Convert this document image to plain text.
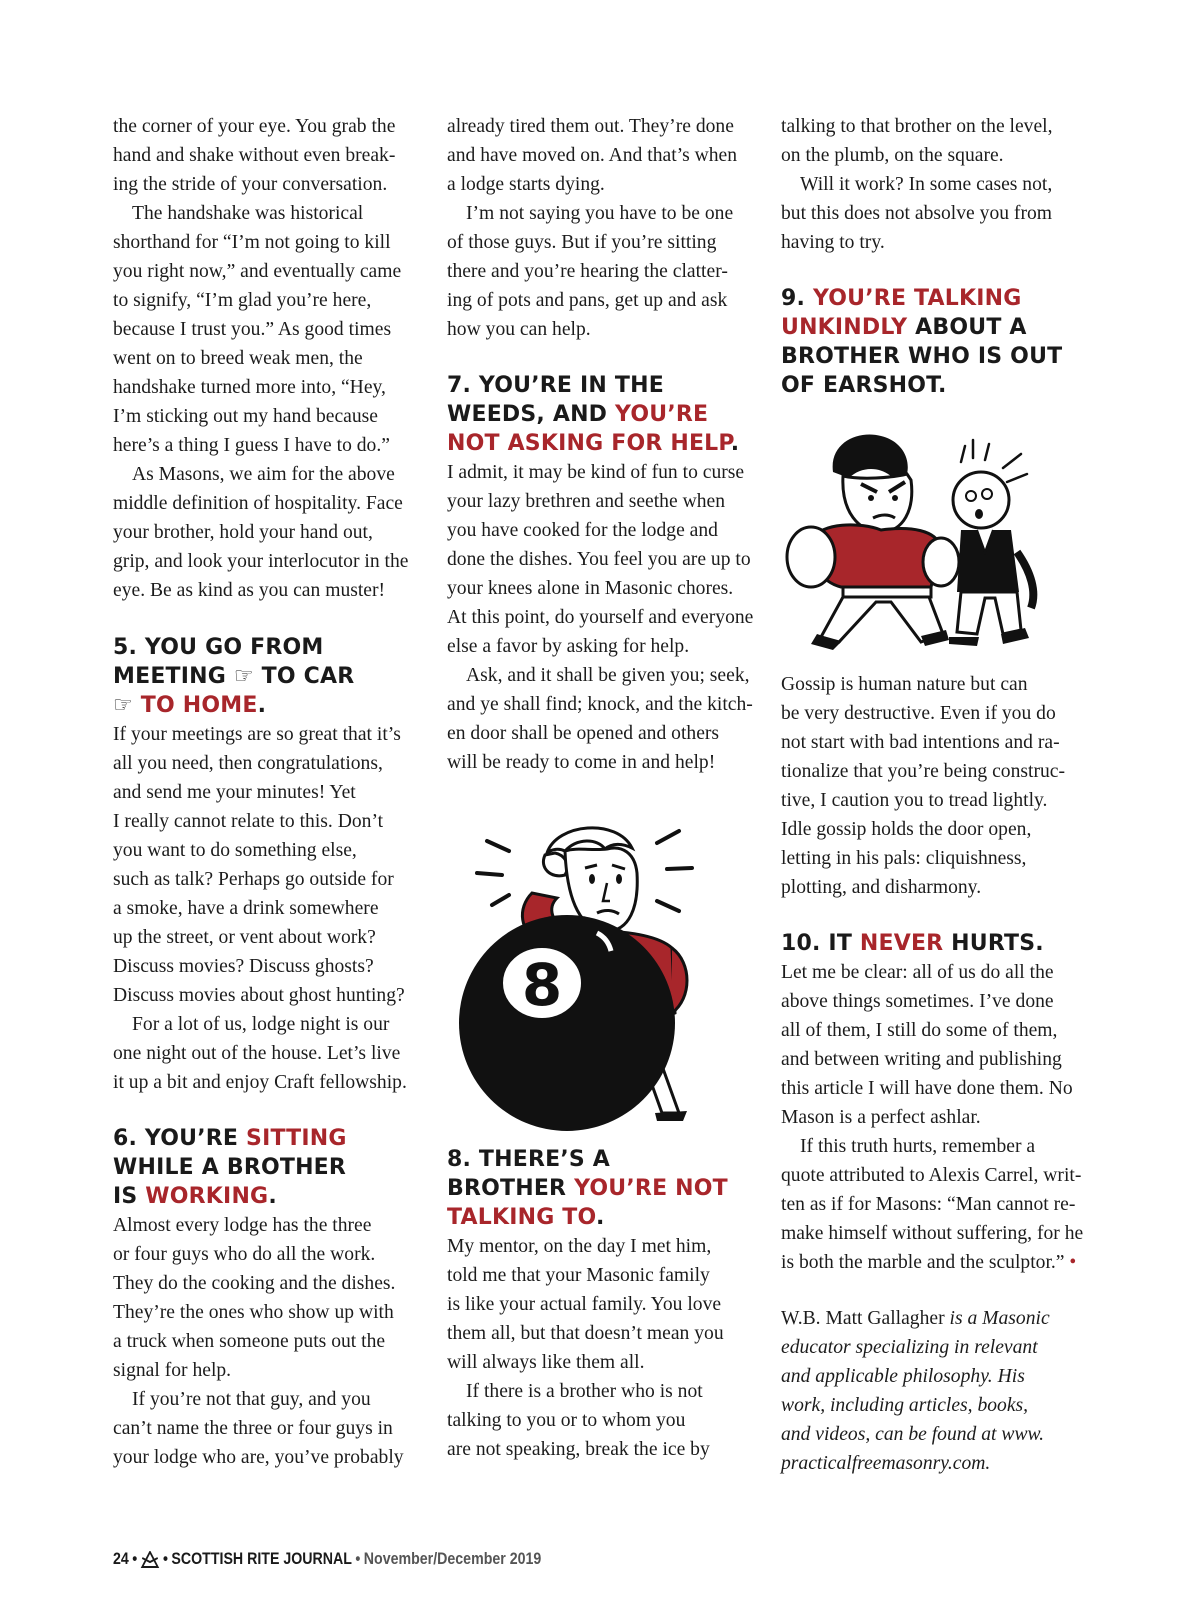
the corner of your eye. You grab the
hand and shake without even break-
ing the stride of your conversation.
The handshake was historical
shorthand for “I’m not going to kill
you right now,” and eventually came
to signify, “I’m glad you’re here,
because I trust you.” As good times
went on to breed weak men, the
handshake turned more into, “Hey,
I’m sticking out my hand because
here’s a thing I guess I have to do.”
As Masons, we aim for the above
middle definition of hospitality. Face
your brother, hold your hand out,
grip, and look your interlocutor in the
eye. Be as kind as you can muster!
5. YOU GO FROM
MEETING ☞ TO CAR
☞ TO HOME.
If your meetings are so great that it’s
all you need, then congratulations,
and send me your minutes! Yet
I really cannot relate to this. Don’t
you want to do something else,
such as talk? Perhaps go outside for
a smoke, have a drink somewhere
up the street, or vent about work?
Discuss movies? Discuss ghosts?
Discuss movies about ghost hunting?
For a lot of us, lodge night is our
one night out of the house. Let’s live
it up a bit and enjoy Craft fellowship.
6. YOU’RE SITTING
WHILE A BROTHER
IS WORKING.
Almost every lodge has the three
or four guys who do all the work.
They do the cooking and the dishes.
They’re the ones who show up with
a truck when someone puts out the
signal for help.
If you’re not that guy, and you
can’t name the three or four guys in
your lodge who are, you’ve probably
already tired them out. They’re done
and have moved on. And that’s when
a lodge starts dying.
I’m not saying you have to be one
of those guys. But if you’re sitting
there and you’re hearing the clatter-
ing of pots and pans, get up and ask
how you can help.
7. YOU’RE IN THE
WEEDS, AND YOU’RE
NOT ASKING FOR HELP.
I admit, it may be kind of fun to curse
your lazy brethren and seethe when
you have cooked for the lodge and
done the dishes. You feel you are up to
your knees alone in Masonic chores.
At this point, do yourself and everyone
else a favor by asking for help.
Ask, and it shall be given you; seek,
and ye shall find; knock, and the kitch-
en door shall be opened and others
will be ready to come in and help!
8
8. THERE’S A
BROTHER YOU’RE NOT
TALKING TO.
My mentor, on the day I met him,
told me that your Masonic family
is like your actual family. You love
them all, but that doesn’t mean you
will always like them all.
If there is a brother who is not
talking to you or to whom you
are not speaking, break the ice by
talking to that brother on the level,
on the plumb, on the square.
Will it work? In some cases not,
but this does not absolve you from
having to try.
9. YOU’RE TALKING
UNKINDLY ABOUT A
BROTHER WHO IS OUT
OF EARSHOT.
Gossip is human nature but can
be very destructive. Even if you do
not start with bad intentions and ra-
tionalize that you’re being construc-
tive, I caution you to tread lightly.
Idle gossip holds the door open,
letting in his pals: cliquishness,
plotting, and disharmony.
10. IT NEVER HURTS.
Let me be clear: all of us do all the
above things sometimes. I’ve done
all of them, I still do some of them,
and between writing and publishing
this article I will have done them. No
Mason is a perfect ashlar.
If this truth hurts, remember a
quote attributed to Alexis Carrel, writ-
ten as if for Masons: “Man cannot re-
make himself without suffering, for he
is both the marble and the sculptor.” •
W.B. Matt Gallagher is a Masonic
educator specializing in relevant
and applicable philosophy. His
work, including articles, books,
and videos, can be found at www.
practicalfreemasonry.com.
24 • • SCOTTISH RITE JOURNAL • November/December 2019
